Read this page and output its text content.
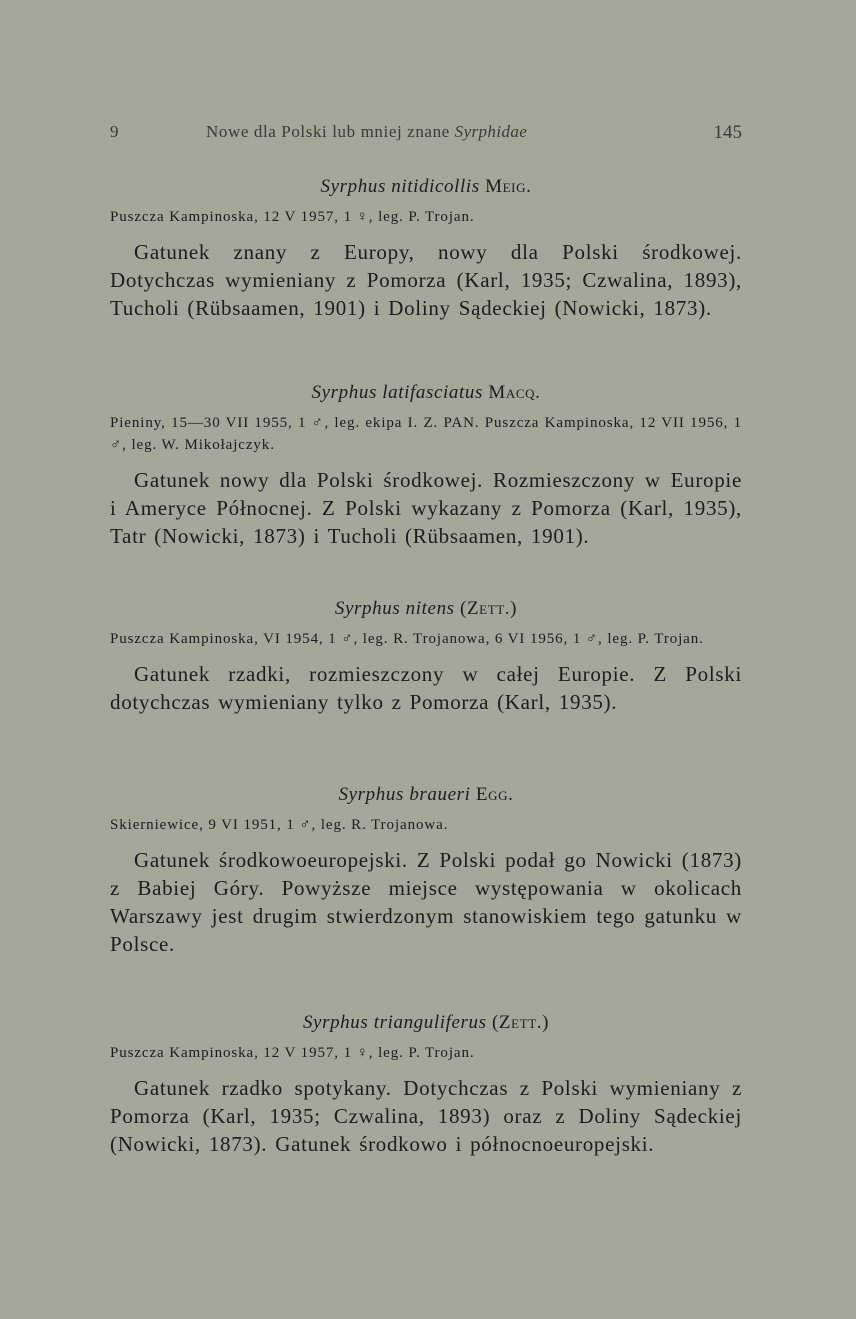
9	Nowe dla Polski lub mniej znane Syrphidae	145

Syrphus nitidicollis Meig.

Puszcza Kampinoska, 12 V 1957, 1 ♀, leg. P. Trojan.

Gatunek znany z Europy, nowy dla Polski środkowej. Dotychczas wymieniany z Pomorza (Karl, 1935; Czwalina, 1893), Tucholi (Rübsaamen, 1901) i Doliny Sądeckiej (Nowicki, 1873).

Syrphus latifasciatus Macq.

Pieniny, 15—30 VII 1955, 1 ♂, leg. ekipa I. Z. PAN. Puszcza Kampinoska, 12 VII 1956, 1 ♂, leg. W. Mikołajczyk.

Gatunek nowy dla Polski środkowej. Rozmieszczony w Europie i Ameryce Północnej. Z Polski wykazany z Pomorza (Karl, 1935), Tatr (Nowicki, 1873) i Tucholi (Rübsaamen, 1901).

Syrphus nitens (Zett.)

Puszcza Kampinoska, VI 1954, 1 ♂, leg. R. Trojanowa, 6 VI 1956, 1 ♂, leg. P. Trojan.

Gatunek rzadki, rozmieszczony w całej Europie. Z Polski dotychczas wymieniany tylko z Pomorza (Karl, 1935).

Syrphus braueri Egg.

Skierniewice, 9 VI 1951, 1 ♂, leg. R. Trojanowa.

Gatunek środkowoeuropejski. Z Polski podał go Nowicki (1873) z Babiej Góry. Powyższe miejsce występowania w okolicach Warszawy jest drugim stwierdzonym stanowiskiem tego gatunku w Polsce.

Syrphus trianguliferus (Zett.)

Puszcza Kampinoska, 12 V 1957, 1 ♀, leg. P. Trojan.

Gatunek rzadko spotykany. Dotychczas z Polski wymieniany z Pomorza (Karl, 1935; Czwalina, 1893) oraz z Doliny Sądeckiej (Nowicki, 1873). Gatunek środkowo i północnoeuropejski.
